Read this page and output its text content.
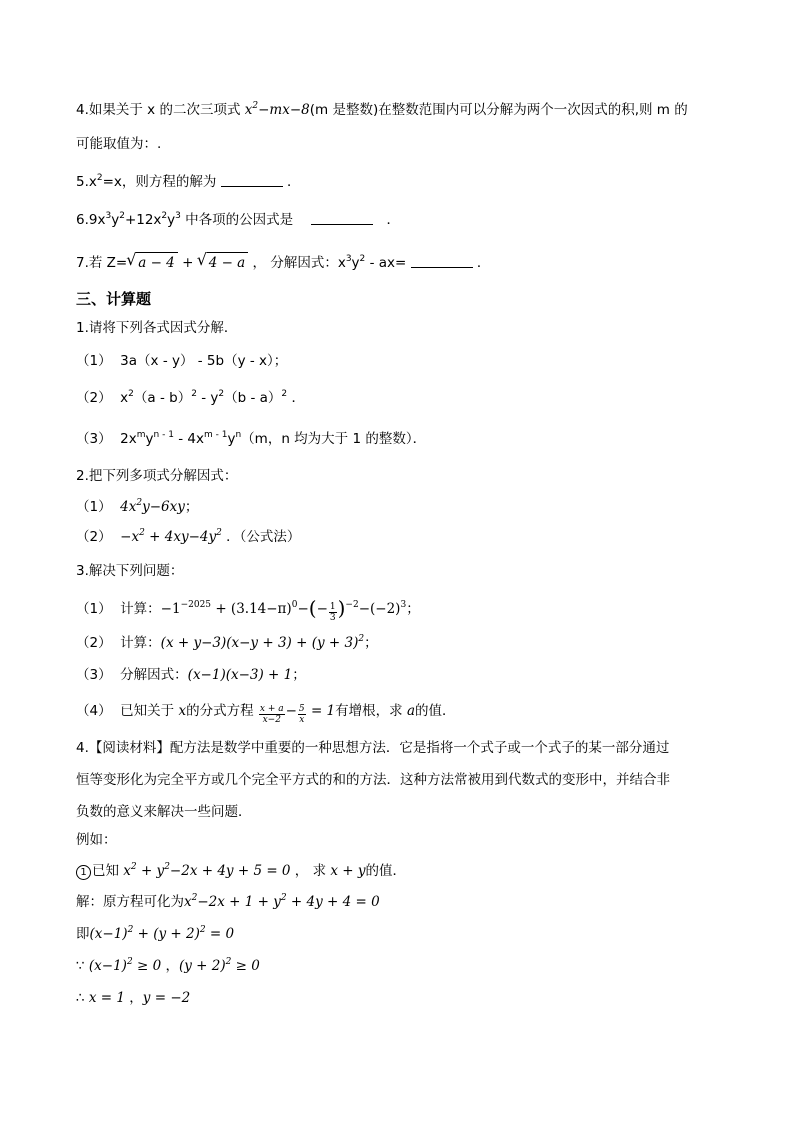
4.如果关于 x 的二次三项式 $x^2-mx-8(m$ 是整数)在整数范围内可以分解为两个一次因式的积,则 m 的
可能取值为：.
$5.x^2=x$，则方程的解为	．
$6.9x^3y^2+12x^2y^3$ 中各项的公因式是　	　．
7.若 Z=√ a − 4 + √ 4 − a ， 分解因式：$x^3y^2 - ax=$	．
三、计算题
1.请将下列各式因式分解．
（1）  3a（x - y） - 5b（y - x）；
（2）  $x^2(a - b)^2 - y^2(b - a)^2$ ．
（3）  $2x^my^{n - 1} - 4x^{m - 1}y^n(m$，n 均为大于 1 的整数）．
2.把下列多项式分解因式：
（1）  $4x^2y-6xy$；
$(2) -x^2 + 4xy-4y^2$ ．（公式法）
3.解决下列问题：
（1）  计算：$-1^{-2025} + (3.14-\pi)^0-(- \frac{1}{3} )^{-2}-(-2)^3$；
（2）  计算：$(x + y-3)(x-y + 3) + (y + 3)^2$；
（3）  分解因式：(x−1)(x−3) + 1；
（4）  已知关于 x的分式方程 $\frac{x + a}{x-2} - \frac{5}{x} = 1$有增根，求 a的值．
4.【阅读材料】配方法是数学中重要的一种思想方法．它是指将一个式子或一个式子的某一部分通过
恒等变形化为完全平方或几个完全平方式的和的方法．这种方法常被用到代数式的变形中，并结合非
负数的意义来解决一些问题．
例如：
1 已知 $x^2 + y^2-2x + 4y + 5 = 0$ ， 求 x + y的值．
解：原方程可化为$x^2-2x + 1 + y^2 + 4y + 4 = 0$
即$(x-1)^2 + (y + 2)^2 = 0$
∵ $(x-1)^2 \ge 0$ ，$(y + 2)^2 \ge 0$
∴ x = 1 ，y = −2
